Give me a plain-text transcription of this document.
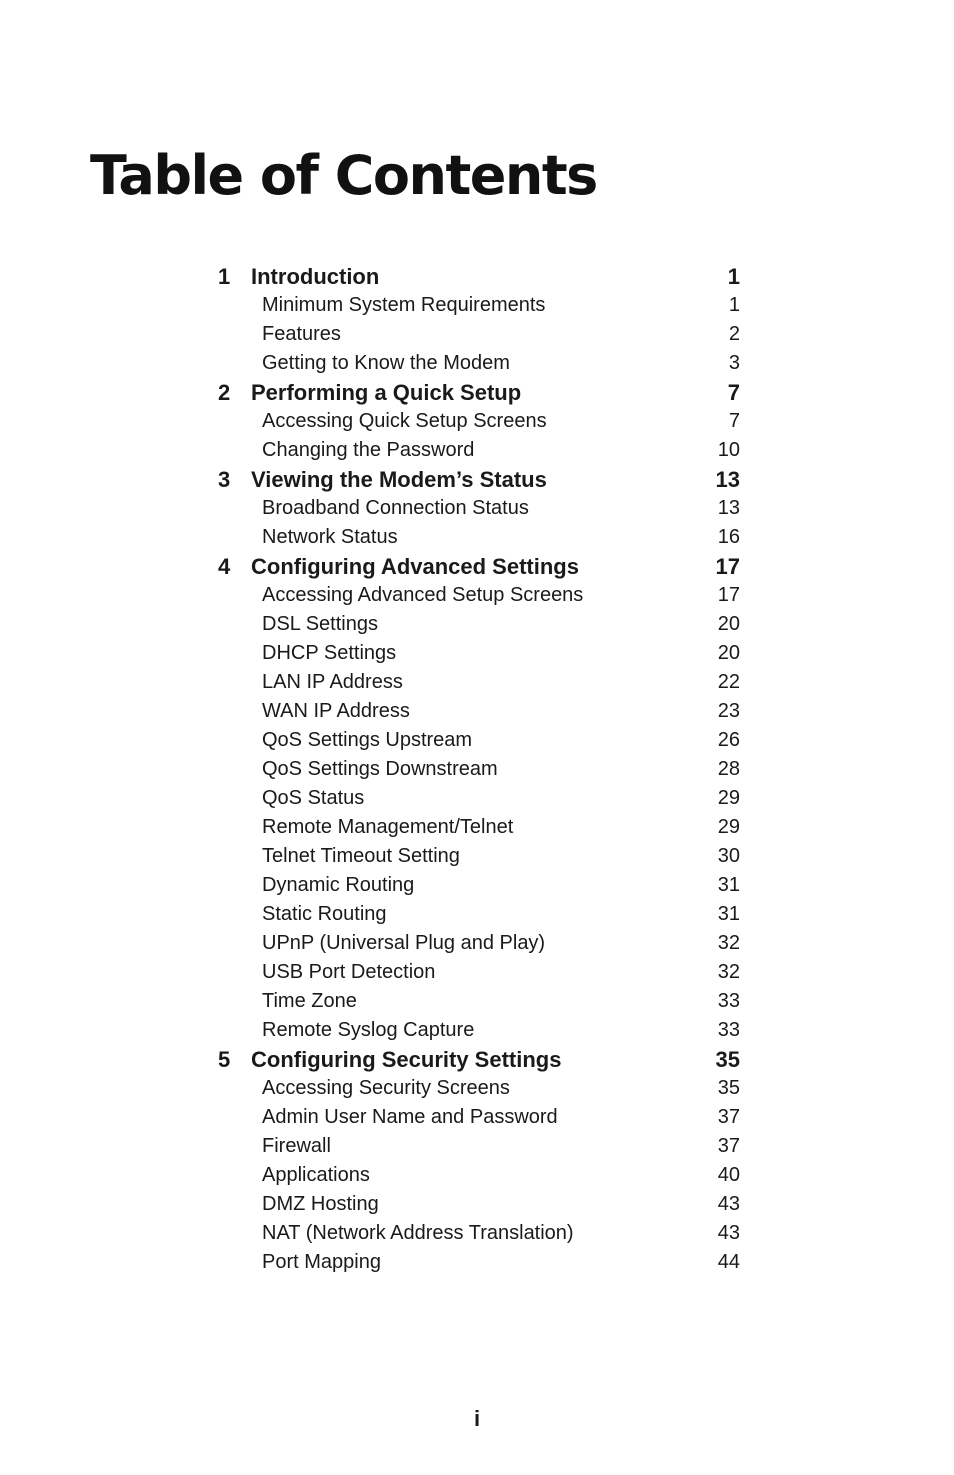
Table of Contents
1 Introduction	1
Minimum System Requirements	1
Features	2
Getting to Know the Modem	3
2 Performing a Quick Setup	7
Accessing Quick Setup Screens	7
Changing the Password	10
3 Viewing the Modem’s Status	13
Broadband Connection Status	13
Network Status	16
4 Configuring Advanced Settings	17
Accessing Advanced Setup Screens	17
DSL Settings	20
DHCP Settings	20
LAN IP Address	22
WAN IP Address	23
QoS Settings Upstream	26
QoS Settings Downstream	28
QoS Status	29
Remote Management/Telnet	29
Telnet Timeout Setting	30
Dynamic Routing	31
Static Routing	31
UPnP (Universal Plug and Play)	32
USB Port Detection	32
Time Zone	33
Remote Syslog Capture	33
5 Configuring Security Settings	35
Accessing Security Screens	35
Admin User Name and Password	37
Firewall	37
Applications	40
DMZ Hosting	43
NAT (Network Address Translation)	43
Port Mapping	44
i
